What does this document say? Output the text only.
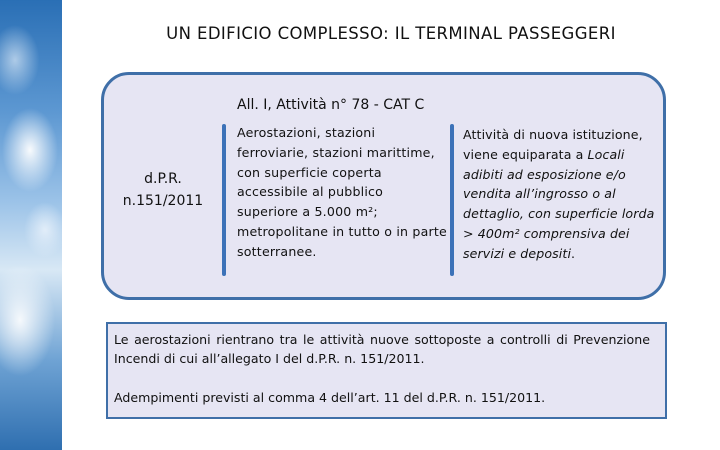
UN EDIFICIO COMPLESSO: IL TERMINAL PASSEGGERI
All. I, Attività n° 78 - CAT C
d.P.R.
n.151/2011
Aerostazioni, stazioni ferroviarie, stazioni marittime, con superficie coperta accessibile al pubblico superiore a 5.000 m²; metropolitane in tutto o in parte sotterranee.
Attività di nuova istituzione, viene equiparata a Locali adibiti ad esposizione e/o vendita all’ingrosso o al dettaglio, con superficie lorda > 400m² comprensiva dei servizi e depositi.
Le aerostazioni rientrano tra le attività nuove sottoposte a controlli di Prevenzione Incendi di cui all’allegato I del d.P.R. n. 151/2011.
Adempimenti previsti al comma 4 dell’art. 11 del d.P.R. n. 151/2011.
